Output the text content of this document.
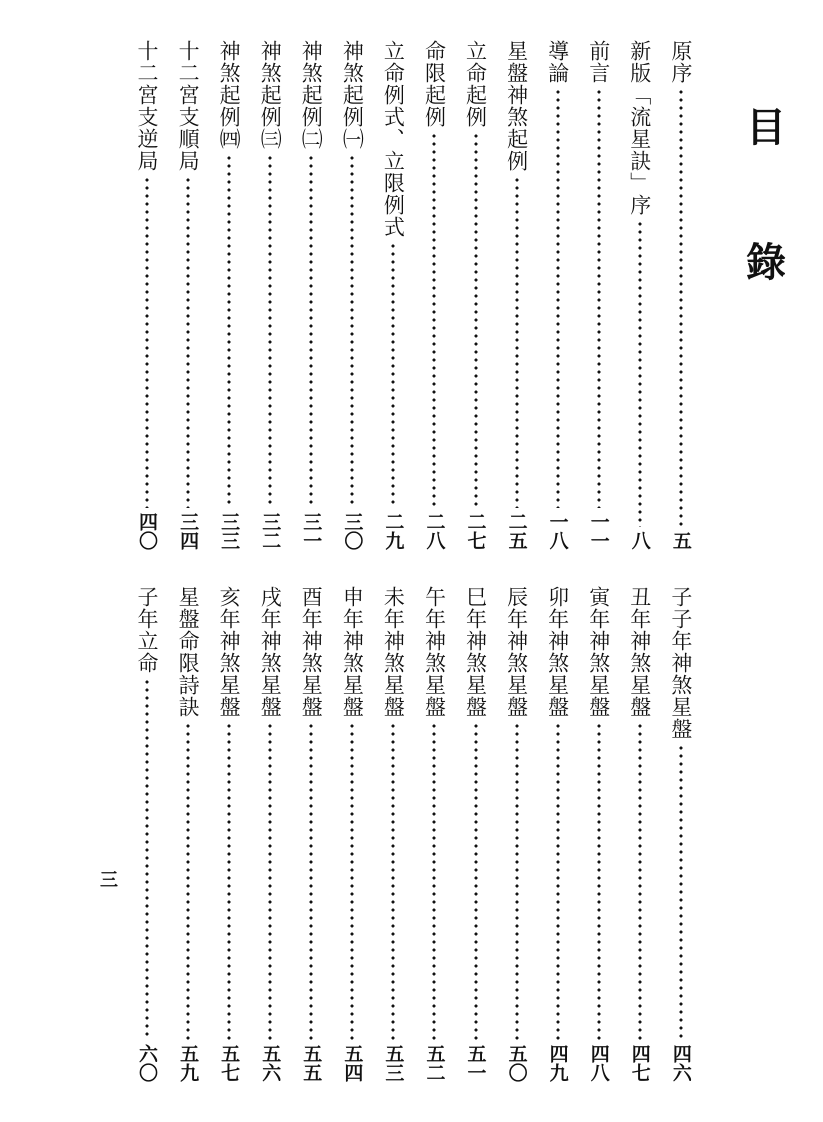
目
錄
原序
五
新版「流星訣」序
八
前言
一一
導論
一八
星盤神煞起例
二五
立命起例
二七
命限起例
二八
立命例式、立限例式
二九
神煞起例㈠
三〇
神煞起例㈡
三一
神煞起例㈢
三二
神煞起例㈣
三三
十二宮支順局
三四
十二宮支逆局
四〇
子子年神煞星盤
四六
丑年神煞星盤
四七
寅年神煞星盤
四八
卯年神煞星盤
四九
辰年神煞星盤
五〇
巳年神煞星盤
五一
午年神煞星盤
五二
未年神煞星盤
五三
申年神煞星盤
五四
酉年神煞星盤
五五
戌年神煞星盤
五六
亥年神煞星盤
五七
星盤命限詩訣
五九
子年立命
六〇
三
